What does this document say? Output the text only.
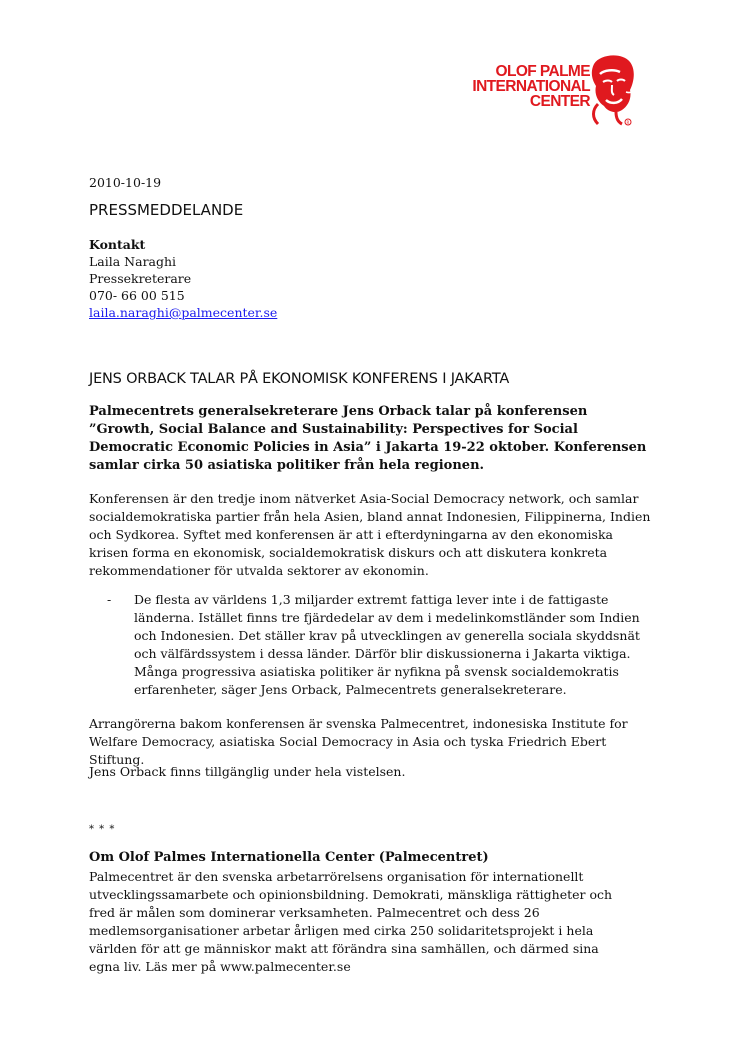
OLOF PALME
INTERNATIONAL
CENTER
R
2010-10-19
PRESSMEDDELANDE
Kontakt
Laila Naraghi
Pressekreterare
070- 66 00 515
laila.naraghi@palmecenter.se
JENS ORBACK TALAR PÅ EKONOMISK KONFERENS I JAKARTA
Palmecentrets generalsekreterare Jens Orback talar på konferensen ”Growth, Social Balance and Sustainability: Perspectives for Social Democratic Economic Policies in Asia” i Jakarta 19-22 oktober. Konferensen samlar cirka 50 asiatiska politiker från hela regionen.
Konferensen är den tredje inom nätverket Asia-Social Democracy network, och samlar socialdemokratiska partier från hela Asien, bland annat Indonesien, Filippinerna, Indien och Sydkorea. Syftet med konferensen är att i efterdyningarna av den ekonomiska krisen forma en ekonomisk, socialdemokratisk diskurs och att diskutera konkreta rekommendationer för utvalda sektorer av ekonomin.
- De flesta av världens 1,3 miljarder extremt fattiga lever inte i de fattigaste länderna. Istället finns tre fjärdedelar av dem i medelinkomstländer som Indien och Indonesien. Det ställer krav på utvecklingen av generella sociala skyddsnät och välfärdssystem i dessa länder. Därför blir diskussionerna i Jakarta viktiga. Många progressiva asiatiska politiker är nyfikna på svensk socialdemokratis erfarenheter, säger Jens Orback, Palmecentrets generalsekreterare.
Arrangörerna bakom konferensen är svenska Palmecentret, indonesiska Institute for Welfare Democracy, asiatiska Social Democracy in Asia och tyska Friedrich Ebert Stiftung.
Jens Orback finns tillgänglig under hela vistelsen.
* * *
Om Olof Palmes Internationella Center (Palmecentret)
Palmecentret är den svenska arbetarrörelsens organisation för internationellt utvecklingssamarbete och opinionsbildning. Demokrati, mänskliga rättigheter och fred är målen som dominerar verksamheten. Palmecentret och dess 26 medlemsorganisationer arbetar årligen med cirka 250 solidaritetsprojekt i hela världen för att ge människor makt att förändra sina samhällen, och därmed sina egna liv. Läs mer på www.palmecenter.se
